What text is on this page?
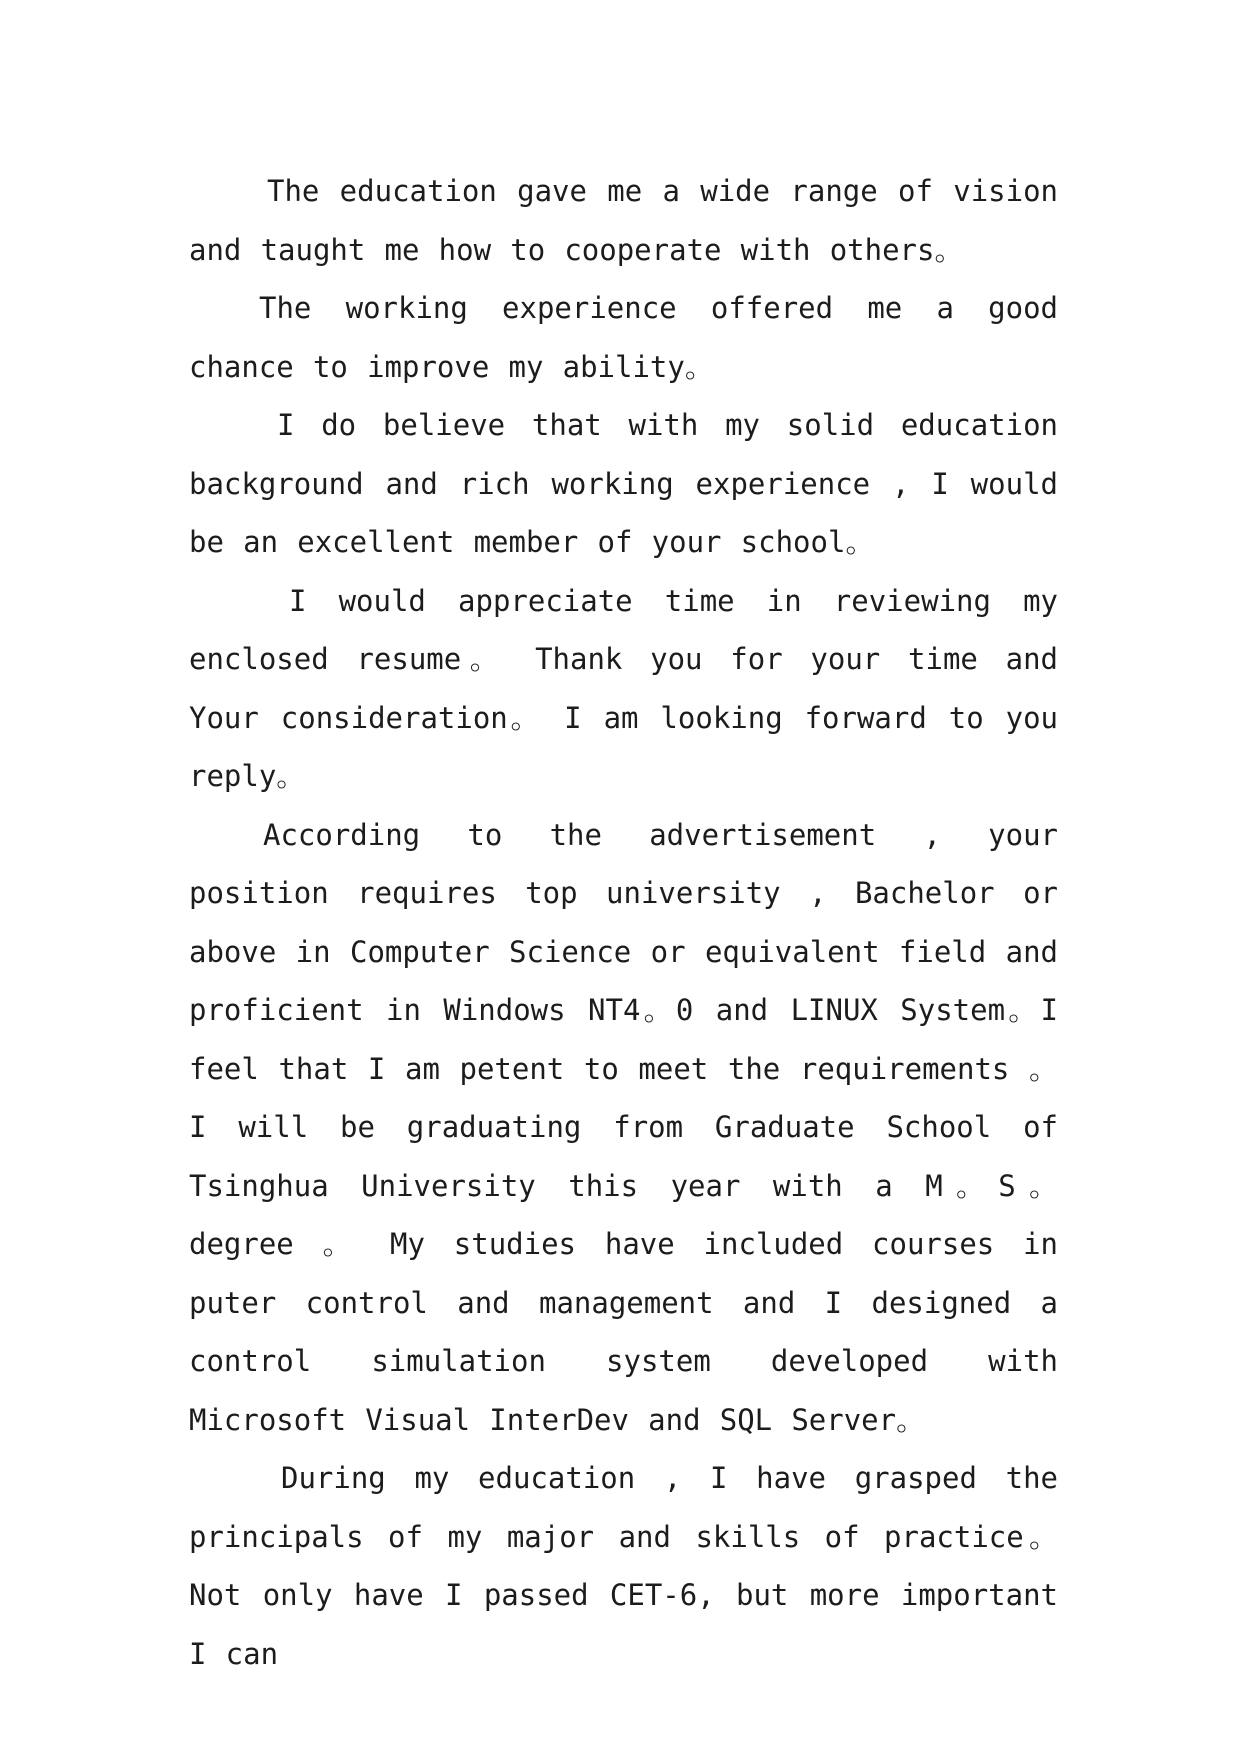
The education gave me a wide range of vision and taught me how to cooperate with others。

The working experience offered me a good chance to improve my ability。

I do believe that with my solid education background and rich working experience , I would be an excellent member of your school。

I would appreciate time in reviewing my enclosed resume。 Thank you for your time and Your consideration。 I am looking forward to you reply。

According to the advertisement , your position requires top university , Bachelor or above in Computer Science or equivalent field and proficient in Windows NT4。0 and LINUX System。I feel that I am petent to meet the requirements 。 I will be graduating from Graduate School of Tsinghua University this year with a M。S。 degree 。 My studies have included courses in puter control and management and I designed a control simulation system developed with Microsoft Visual InterDev and SQL Server。

During my education , I have grasped the principals of my major and skills of practice。 Not only have I passed CET-6, but more important I can
